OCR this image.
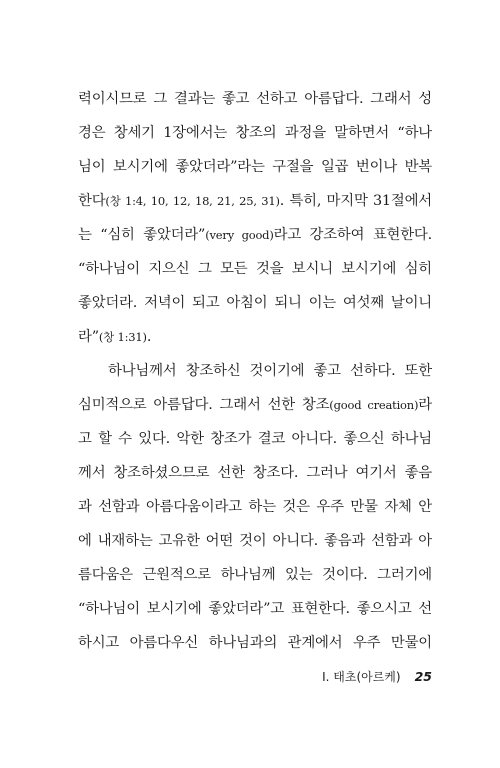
력이시므로 그 결과는 좋고 선하고 아름답다. 그래서 성
경은 창세기 1장에서는 창조의 과정을 말하면서 “하나
님이 보시기에 좋았더라”라는 구절을 일곱 번이나 반복
한다(창 1:4, 10, 12, 18, 21, 25, 31). 특히, 마지막 31절에서
는 “심히 좋았더라”(very good)라고 강조하여 표현한다.
“하나님이 지으신 그 모든 것을 보시니 보시기에 심히
좋았더라. 저녁이 되고 아침이 되니 이는 여섯째 날이니
라”(창 1:31).
하나님께서 창조하신 것이기에 좋고 선하다. 또한
심미적으로 아름답다. 그래서 선한 창조(good creation)라
고 할 수 있다. 악한 창조가 결코 아니다. 좋으신 하나님
께서 창조하셨으므로 선한 창조다. 그러나 여기서 좋음
과 선함과 아름다움이라고 하는 것은 우주 만물 자체 안
에 내재하는 고유한 어떤 것이 아니다. 좋음과 선함과 아
름다움은 근원적으로 하나님께 있는 것이다. 그러기에
“하나님이 보시기에 좋았더라”고 표현한다. 좋으시고 선
하시고 아름다우신 하나님과의 관계에서 우주 만물이
I. 태초(아르케) 25
